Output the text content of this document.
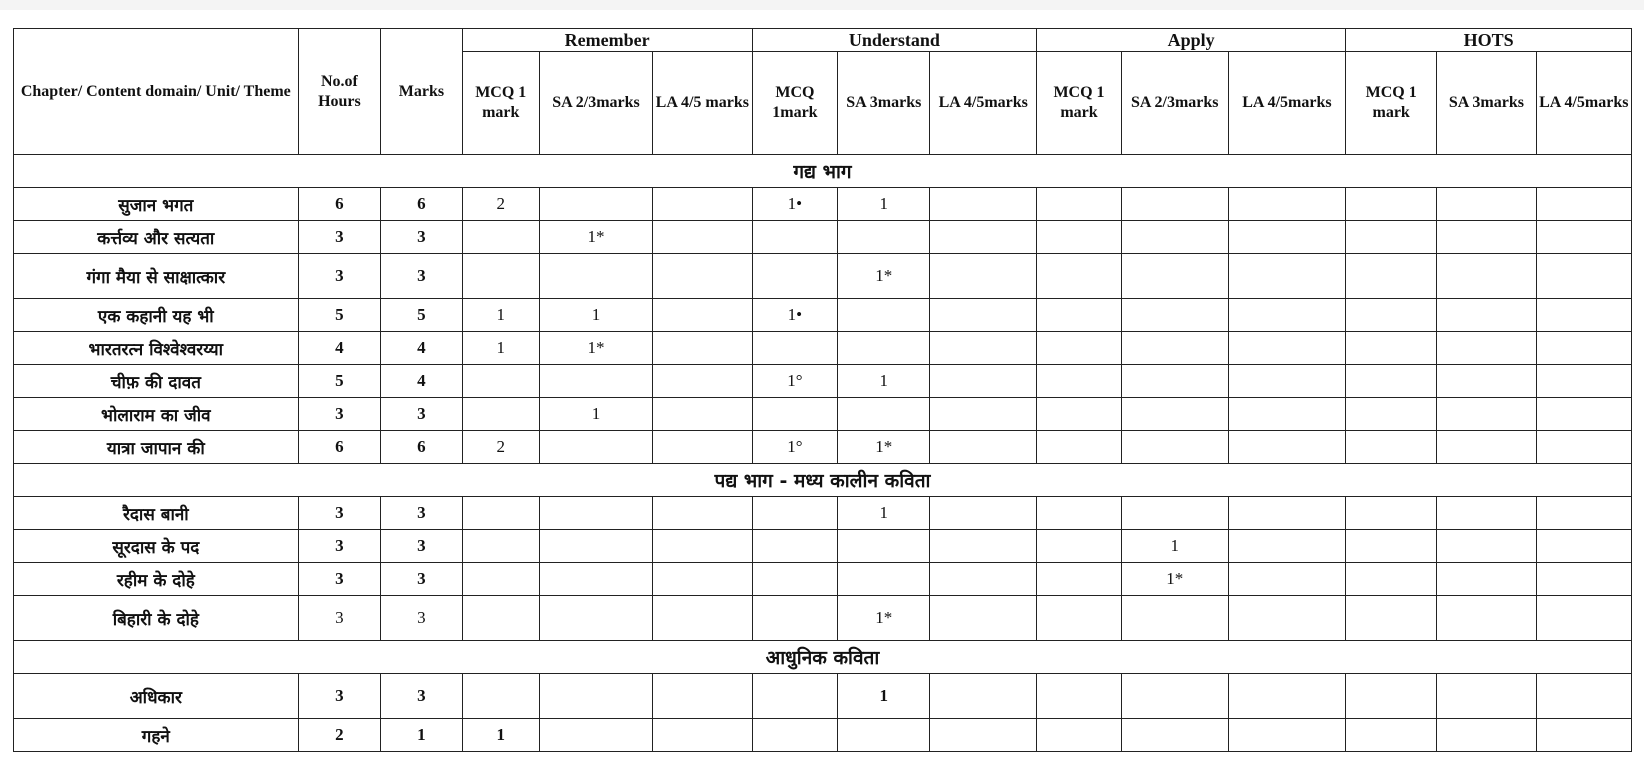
Chapter/ Content domain/ Unit/ Theme	No.of Hours	Marks	Remember			Understand			Apply			HOTS		
			MCQ 1 mark	SA 2/3marks	LA 4/5 marks	MCQ 1mark	SA 3marks	LA 4/5marks	MCQ 1 mark	SA 2/3marks	LA 4/5marks	MCQ 1 mark	SA 3marks	LA 4/5marks
गद्य भाग														
सुजान भगत	6	6	2			1•	1							
कर्त्तव्य और सत्यता	3	3		1*										
गंगा मैया से साक्षात्कार	3	3					1*							
एक कहानी यह भी	5	5	1	1		1•								
भारतरत्न विश्वेश्वरय्या	4	4	1	1*										
चीफ़ की दावत	5	4				1°	1							
भोलाराम का जीव	3	3		1										
यात्रा जापान की	6	6	2			1°	1*							
पद्य भाग - मध्य कालीन कविता														
रैदास बानी	3	3					1							
सूरदास के पद	3	3								1				
रहीम के दोहे	3	3								1*				
बिहारी के दोहे	3	3					1*							
आधुनिक कविता														
अधिकार	3	3					1							
गहने	2	1	1											
